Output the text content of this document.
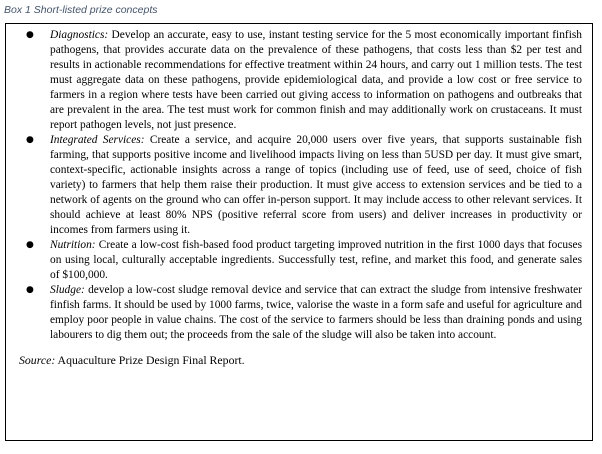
Box 1 Short-listed prize concepts

● Diagnostics: Develop an accurate, easy to use, instant testing service for the 5 most economically important finfish pathogens, that provides accurate data on the prevalence of these pathogens, that costs less than $2 per test and results in actionable recommendations for effective treatment within 24 hours, and carry out 1 million tests. The test must aggregate data on these pathogens, provide epidemiological data, and provide a low cost or free service to farmers in a region where tests have been carried out giving access to information on pathogens and outbreaks that are prevalent in the area. The test must work for common finish and may additionally work on crustaceans. It must report pathogen levels, not just presence.
● Integrated Services: Create a service, and acquire 20,000 users over five years, that supports sustainable fish farming, that supports positive income and livelihood impacts living on less than 5USD per day. It must give smart, context-specific, actionable insights across a range of topics (including use of feed, use of seed, choice of fish variety) to farmers that help them raise their production. It must give access to extension services and be tied to a network of agents on the ground who can offer in-person support. It may include access to other relevant services. It should achieve at least 80% NPS (positive referral score from users) and deliver increases in productivity or incomes from farmers using it.
● Nutrition: Create a low-cost fish-based food product targeting improved nutrition in the first 1000 days that focuses on using local, culturally acceptable ingredients. Successfully test, refine, and market this food, and generate sales of $100,000.
● Sludge: develop a low-cost sludge removal device and service that can extract the sludge from intensive freshwater finfish farms. It should be used by 1000 farms, twice, valorise the waste in a form safe and useful for agriculture and employ poor people in value chains. The cost of the service to farmers should be less than draining ponds and using labourers to dig them out; the proceeds from the sale of the sludge will also be taken into account.

Source: Aquaculture Prize Design Final Report.
